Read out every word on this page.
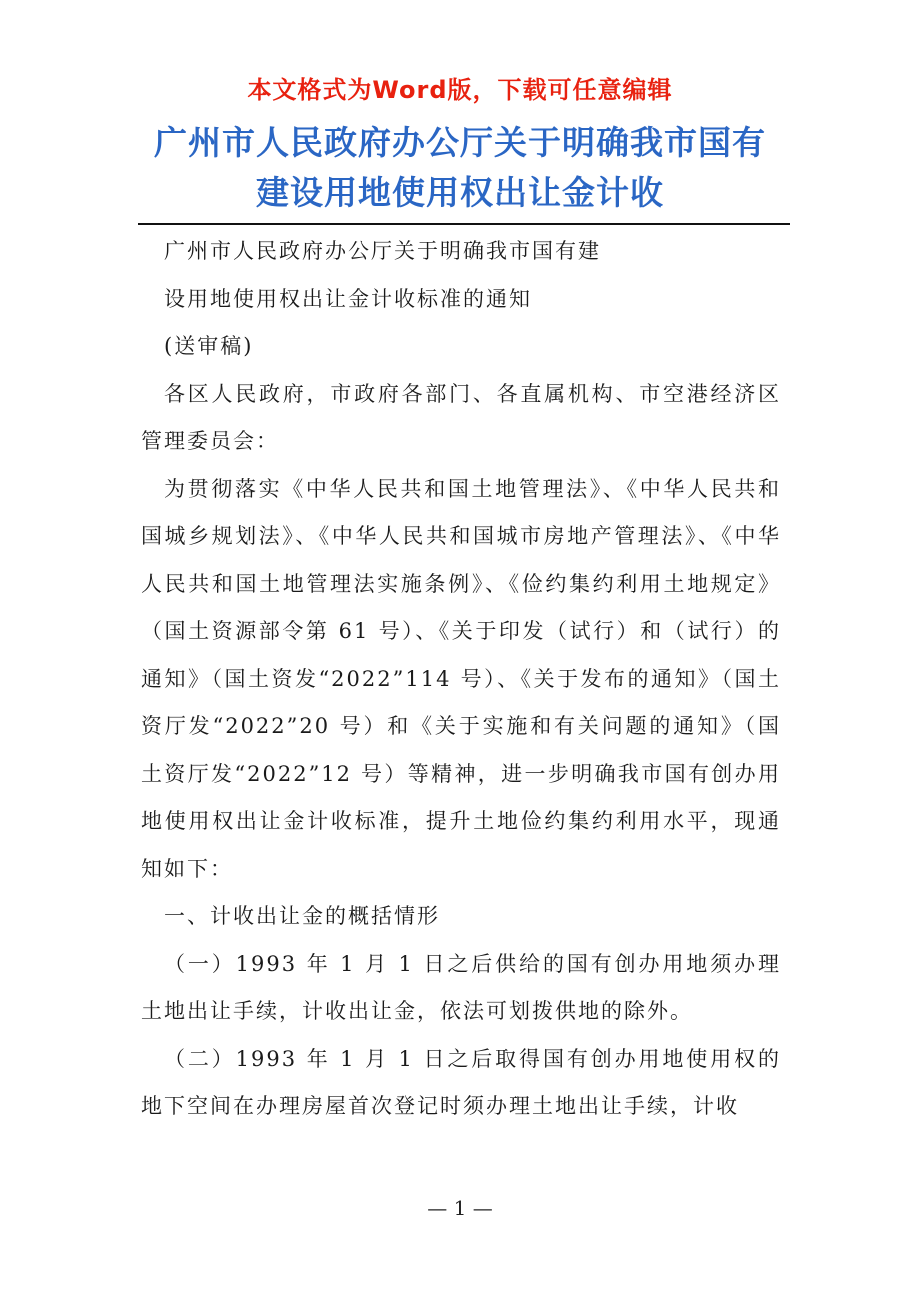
本文格式为Word版，下载可任意编辑
广州市人民政府办公厅关于明确我市国有
建设用地使用权出让金计收

广州市人民政府办公厅关于明确我市国有建

设用地使用权出让金计收标准的通知

(送审稿)

各区人民政府，市政府各部门、各直属机构、市空港经济区管理委员会：

为贯彻落实《中华人民共和国土地管理法》、《中华人民共和国城乡规划法》、《中华人民共和国城市房地产管理法》、《中华人民共和国土地管理法实施条例》、《俭约集约利用土地规定》（国土资源部令第 61 号）、《关于印发（试行）和（试行）的通知》（国土资发“2022”114 号）、《关于发布的通知》（国土资厅发“2022”20 号）和《关于实施和有关问题的通知》（国土资厅发“2022”12 号）等精神，进一步明确我市国有创办用地使用权出让金计收标准，提升土地俭约集约利用水平，现通知如下：

一、计收出让金的概括情形

（一）1993 年 1 月 1 日之后供给的国有创办用地须办理土地出让手续，计收出让金，依法可划拨供地的除外。

（二）1993 年 1 月 1 日之后取得国有创办用地使用权的地下空间在办理房屋首次登记时须办理土地出让手续，计收

— 1 —
